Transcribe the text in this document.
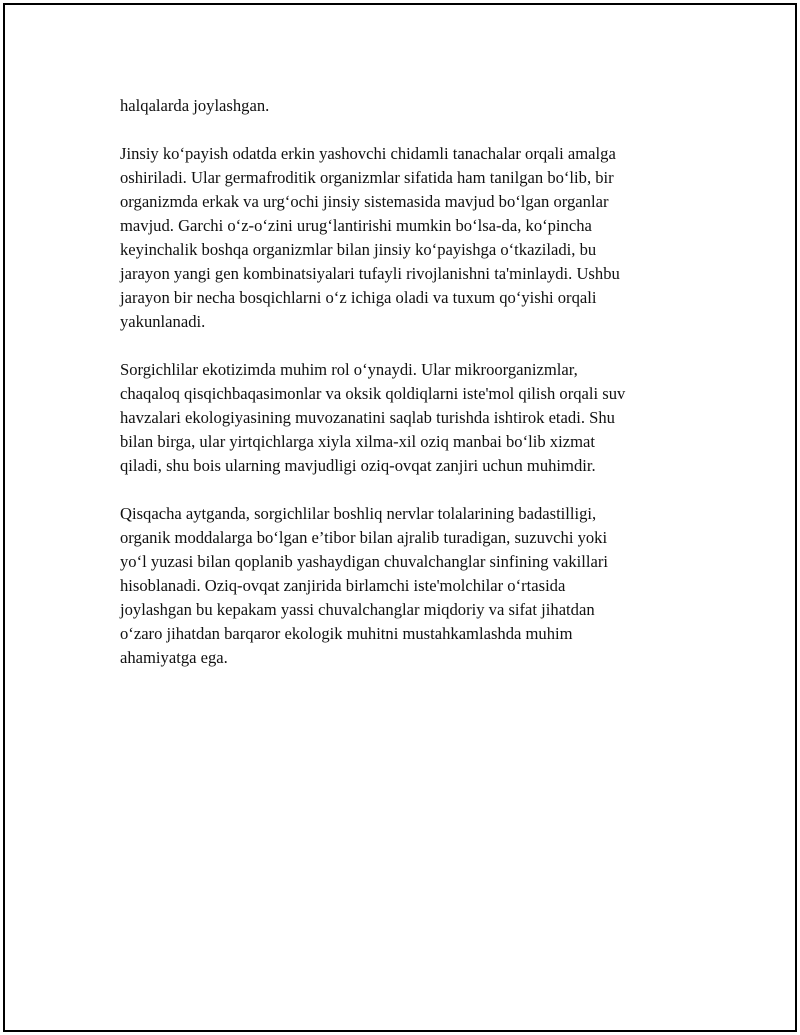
halqalarda joylashgan.

Jinsiy ko‘payish odatda erkin yashovchi chidamli tanachalar orqali amalga
oshiriladi. Ular germafroditik organizmlar sifatida ham tanilgan bo‘lib, bir
organizmda erkak va urg‘ochi jinsiy sistemasida mavjud bo‘lgan organlar
mavjud. Garchi o‘z-o‘zini urug‘lantirishi mumkin bo‘lsa-da, ko‘pincha
keyinchalik boshqa organizmlar bilan jinsiy ko‘payishga o‘tkaziladi, bu
jarayon yangi gen kombinatsiyalari tufayli rivojlanishni ta'minlaydi. Ushbu
jarayon bir necha bosqichlarni o‘z ichiga oladi va tuxum qo‘yishi orqali
yakunlanadi.

Sorgichlilar ekotizimda muhim rol o‘ynaydi. Ular mikroorganizmlar,
chaqaloq qisqichbaqasimonlar va oksik qoldiqlarni iste'mol qilish orqali suv
havzalari ekologiyasining muvozanatini saqlab turishda ishtirok etadi. Shu
bilan birga, ular yirtqichlarga xiyla xilma-xil oziq manbai bo‘lib xizmat
qiladi, shu bois ularning mavjudligi oziq-ovqat zanjiri uchun muhimdir.

Qisqacha aytganda, sorgichlilar boshliq nervlar tolalarining badastilligi,
organik moddalarga bo‘lgan e’tibor bilan ajralib turadigan, suzuvchi yoki
yo‘l yuzasi bilan qoplanib yashaydigan chuvalchanglar sinfining vakillari
hisoblanadi. Oziq-ovqat zanjirida birlamchi iste'molchilar o‘rtasida
joylashgan bu kepakam yassi chuvalchanglar miqdoriy va sifat jihatdan
o‘zaro jihatdan barqaror ekologik muhitni mustahkamlashda muhim
ahamiyatga ega.
